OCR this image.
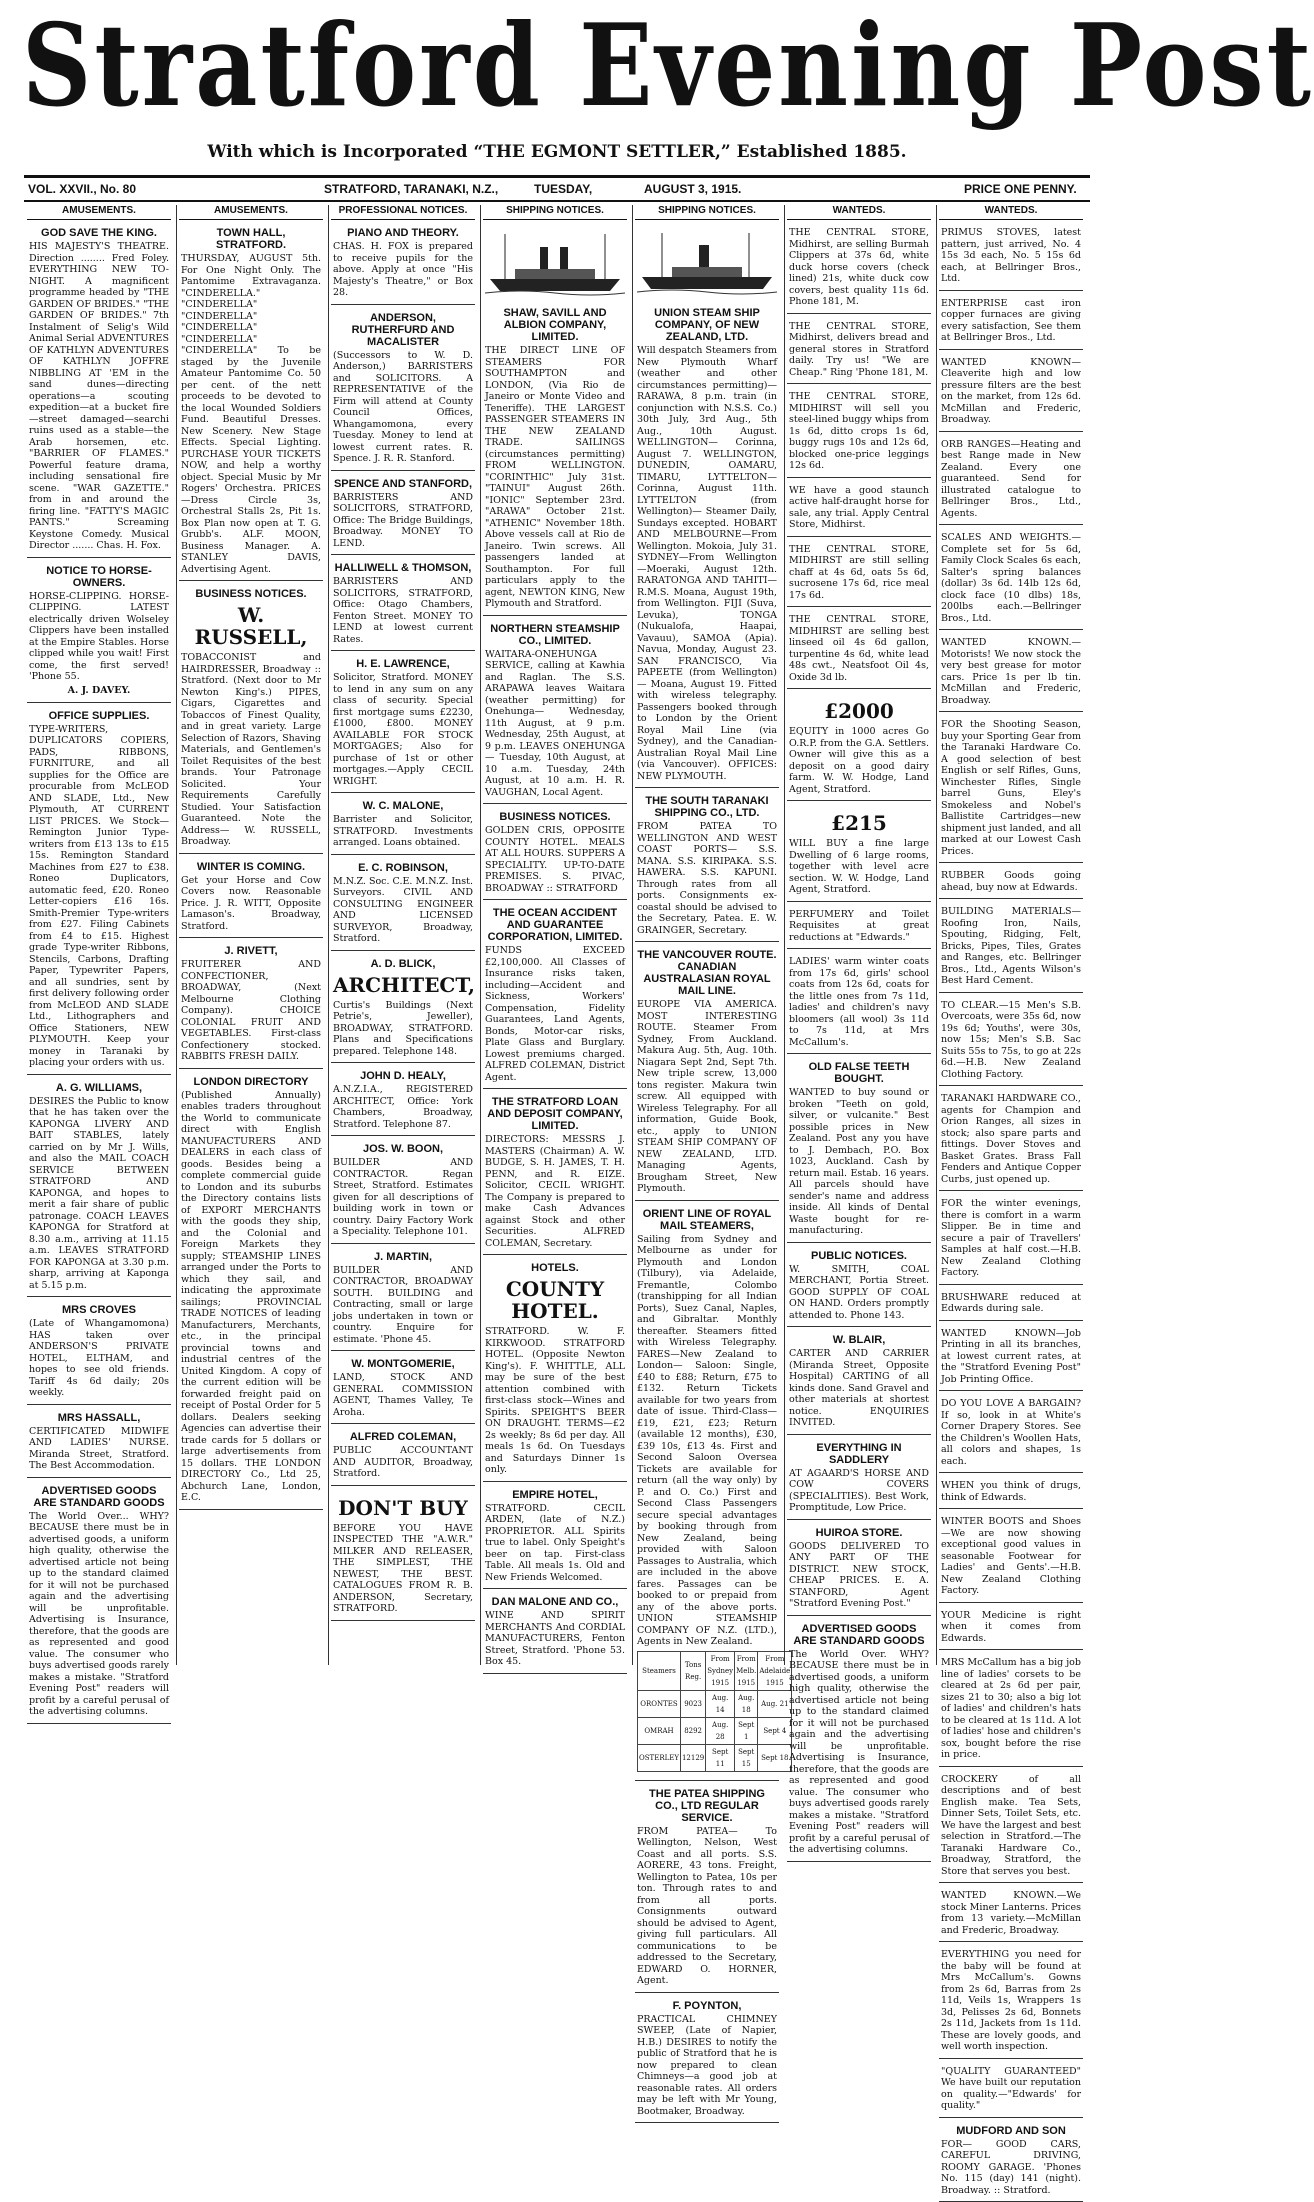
Stratford Evening Post
With which is Incorporated “THE EGMONT SETTLER,” Established 1885.
VOL. XXVII., No. 80	STRATFORD, TARANAKI, N.Z.,	TUESDAY,	AUGUST 3, 1915.	PRICE ONE PENNY.
AMUSEMENTS.
GOD SAVE THE KING.
HIS MAJESTY'S THEATRE. Direction ........ Fred Foley. EVERYTHING NEW TO-NIGHT. A magnificent programme headed by "THE GARDEN OF BRIDES." "THE GARDEN OF BRIDES." 7th Instalment of Selig's Wild Animal Serial ADVENTURES OF KATHLYN ADVENTURES OF KATHLYN JOFFRE NIBBLING AT 'EM in the sand dunes—directing operations—a scouting expedition—at a bucket fire—street damaged—searchi ruins used as a stable—the Arab horsemen, etc. "BARRIER OF FLAMES." Powerful feature drama, including sensational fire scene. "WAR GAZETTE." from in and around the firing line. "FATTY'S MAGIC PANTS." Screaming Keystone Comedy. Musical Director ....... Chas. H. Fox.
NOTICE TO HORSE-OWNERS.
HORSE-CLIPPING. HORSE-CLIPPING. LATEST electrically driven Wolseley Clippers have been installed at the Empire Stables. Horse clipped while you wait! First come, the first served! 'Phone 55.
A. J. DAVEY.
OFFICE SUPPLIES.
TYPE-WRITERS, DUPLICATORS COPIERS, PADS, RIBBONS, FURNITURE, and all supplies for the Office are procurable from McLEOD AND SLADE, Ltd., New Plymouth, AT CURRENT LIST PRICES. We Stock—Remington Junior Type-writers from £13 13s to £15 15s. Remington Standard Machines from £27 to £38. Roneo Duplicators, automatic feed, £20. Roneo Letter-copiers £16 16s. Smith-Premier Type-writers from £27. Filing Cabinets from £4 to £15. Highest grade Type-writer Ribbons, Stencils, Carbons, Drafting Paper, Typewriter Papers, and all sundries, sent by first delivery following order from McLEOD AND SLADE Ltd., Lithographers and Office Stationers, NEW PLYMOUTH. Keep your money in Taranaki by placing your orders with us.
A. G. WILLIAMS,
DESIRES the Public to know that he has taken over the KAPONGA LIVERY AND BAIT STABLES, lately carried on by Mr J. Wills, and also the MAIL COACH SERVICE BETWEEN STRATFORD AND KAPONGA, and hopes to merit a fair share of public patronage. COACH LEAVES KAPONGA for Stratford at 8.30 a.m., arriving at 11.15 a.m. LEAVES STRATFORD FOR KAPONGA at 3.30 p.m. sharp, arriving at Kaponga at 5.15 p.m.
MRS CROVES
(Late of Whangamomona) HAS taken over ANDERSON'S PRIVATE HOTEL, ELTHAM, and hopes to see old friends. Tariff 4s 6d daily; 20s weekly.
MRS HASSALL,
CERTIFICATED MIDWIFE AND LADIES' NURSE. Miranda Street, Stratford. The Best Accommodation.
ADVERTISED GOODS ARE STANDARD GOODS
The World Over... WHY? BECAUSE there must be in advertised goods, a uniform high quality, otherwise the advertised article not being up to the standard claimed for it will not be purchased again and the advertising will be unprofitable. Advertising is Insurance, therefore, that the goods are as represented and good value. The consumer who buys advertised goods rarely makes a mistake. "Stratford Evening Post" readers will profit by a careful perusal of the advertising columns.
AMUSEMENTS.
TOWN HALL, STRATFORD.
THURSDAY, AUGUST 5th. For One Night Only. The Pantomime Extravaganza. "CINDERELLA." "CINDERELLA" "CINDERELLA" "CINDERELLA" "CINDERELLA" "CINDERELLA" To be staged by the Juvenile Amateur Pantomime Co. 50 per cent. of the nett proceeds to be devoted to the local Wounded Soldiers Fund. Beautiful Dresses. New Scenery. New Stage Effects. Special Lighting. PURCHASE YOUR TICKETS NOW, and help a worthy object. Special Music by Mr Rogers' Orchestra. PRICES—Dress Circle 3s, Orchestral Stalls 2s, Pit 1s. Box Plan now open at T. G. Grubb's. ALF. MOON, Business Manager. A. STANLEY DAVIS, Advertising Agent.
BUSINESS NOTICES.
W. RUSSELL,
TOBACCONIST and HAIRDRESSER, Broadway :: Stratford. (Next door to Mr Newton King's.) PIPES, Cigars, Cigarettes and Tobaccos of Finest Quality, and in great variety. Large Selection of Razors, Shaving Materials, and Gentlemen's Toilet Requisites of the best brands. Your Patronage Solicited. Your Requirements Carefully Studied. Your Satisfaction Guaranteed. Note the Address— W. RUSSELL, Broadway.
WINTER IS COMING.
Get your Horse and Cow Covers now. Reasonable Price. J. R. WITT, Opposite Lamason's. Broadway, Stratford.
J. RIVETT,
FRUITERER AND CONFECTIONER, BROADWAY, (Next Melbourne Clothing Company). CHOICE COLONIAL FRUIT AND VEGETABLES. First-class Confectionery stocked. RABBITS FRESH DAILY.
LONDON DIRECTORY
(Published Annually) enables traders throughout the World to communicate direct with English MANUFACTURERS AND DEALERS in each class of goods. Besides being a complete commercial guide to London and its suburbs the Directory contains lists of EXPORT MERCHANTS with the goods they ship, and the Colonial and Foreign Markets they supply; STEAMSHIP LINES arranged under the Ports to which they sail, and indicating the approximate sailings; PROVINCIAL TRADE NOTICES of leading Manufacturers, Merchants, etc., in the principal provincial towns and industrial centres of the United Kingdom. A copy of the current edition will be forwarded freight paid on receipt of Postal Order for 5 dollars. Dealers seeking Agencies can advertise their trade cards for 5 dollars or large advertisements from 15 dollars. THE LONDON DIRECTORY Co., Ltd 25, Abchurch Lane, London, E.C.
PROFESSIONAL NOTICES.
PIANO AND THEORY.
CHAS. H. FOX is prepared to receive pupils for the above. Apply at once "His Majesty's Theatre," or Box 28.
ANDERSON, RUTHERFURD AND MACALISTER
(Successors to W. D. Anderson,) BARRISTERS and SOLICITORS. A REPRESENTATIVE of the Firm will attend at County Council Offices, Whangamomona, every Tuesday. Money to lend at lowest current rates. R. Spence. J. R. R. Stanford.
SPENCE AND STANFORD,
BARRISTERS AND SOLICITORS, STRATFORD, Office: The Bridge Buildings, Broadway. MONEY TO LEND.
HALLIWELL & THOMSON,
BARRISTERS AND SOLICITORS, STRATFORD, Office: Otago Chambers, Fenton Street. MONEY TO LEND at lowest current Rates.
H. E. LAWRENCE,
Solicitor, Stratford. MONEY to lend in any sum on any class of security. Special first mortgage sums £2230, £1000, £800. MONEY AVAILABLE FOR STOCK MORTGAGES; Also for purchase of 1st or other mortgages.—Apply CECIL WRIGHT.
W. C. MALONE,
Barrister and Solicitor, STRATFORD. Investments arranged. Loans obtained.
E. C. ROBINSON,
M.N.Z. Soc. C.E. M.N.Z. Inst. Surveyors. CIVIL AND CONSULTING ENGINEER AND LICENSED SURVEYOR, Broadway, Stratford.
A. D. BLICK,
ARCHITECT,
Curtis's Buildings (Next Petrie's, Jeweller), BROADWAY, STRATFORD. Plans and Specifications prepared. Telephone 148.
JOHN D. HEALY,
A.N.Z.I.A., REGISTERED ARCHITECT, Office: York Chambers, Broadway, Stratford. Telephone 87.
JOS. W. BOON,
BUILDER AND CONTRACTOR. Regan Street, Stratford. Estimates given for all descriptions of building work in town or country. Dairy Factory Work a Speciality. Telephone 101.
J. MARTIN,
BUILDER AND CONTRACTOR, BROADWAY SOUTH. BUILDING and Contracting, small or large jobs undertaken in town or country. Enquire for estimate. 'Phone 45.
W. MONTGOMERIE,
LAND, STOCK AND GENERAL COMMISSION AGENT, Thames Valley, Te Aroha.
ALFRED COLEMAN,
PUBLIC ACCOUNTANT AND AUDITOR, Broadway, Stratford.
DON'T BUY
BEFORE YOU HAVE INSPECTED THE "A.W.R." MILKER AND RELEASER, THE SIMPLEST, THE NEWEST, THE BEST. CATALOGUES FROM R. B. ANDERSON, Secretary, STRATFORD.
SHIPPING NOTICES.
SHAW, SAVILL AND ALBION COMPANY, LIMITED.
THE DIRECT LINE OF STEAMERS FOR SOUTHAMPTON and LONDON, (Via Rio de Janeiro or Monte Video and Teneriffe). THE LARGEST PASSENGER STEAMERS IN THE NEW ZEALAND TRADE. SAILINGS (circumstances permitting) FROM WELLINGTON. "CORINTHIC" July 31st. "TAINUI" August 26th. "IONIC" September 23rd. "ARAWA" October 21st. "ATHENIC" November 18th. Above vessels call at Rio de Janeiro. Twin screws. All passengers landed at Southampton. For full particulars apply to the agent, NEWTON KING, New Plymouth and Stratford.
NORTHERN STEAMSHIP CO., LIMITED.
WAITARA-ONEHUNGA SERVICE, calling at Kawhia and Raglan. The S.S. ARAPAWA leaves Waitara (weather permitting) for Onehunga— Wednesday, 11th August, at 9 p.m. Wednesday, 25th August, at 9 p.m. LEAVES ONEHUNGA— Tuesday, 10th August, at 10 a.m. Tuesday, 24th August, at 10 a.m. H. R. VAUGHAN, Local Agent.
BUSINESS NOTICES.
GOLDEN CRIS, OPPOSITE COUNTY HOTEL. MEALS AT ALL HOURS. SUPPERS A SPECIALITY. UP-TO-DATE PREMISES. S. PIVAC, BROADWAY :: STRATFORD
THE OCEAN ACCIDENT AND GUARANTEE CORPORATION, LIMITED.
FUNDS EXCEED £2,100,000. All Classes of Insurance risks taken, including—Accident and Sickness, Workers' Compensation, Fidelity Guarantees, Land Agents, Bonds, Motor-car risks, Plate Glass and Burglary. Lowest premiums charged. ALFRED COLEMAN, District Agent.
THE STRATFORD LOAN AND DEPOSIT COMPANY, LIMITED.
DIRECTORS: MESSRS J. MASTERS (Chairman) A. W. BUDGE, S. H. JAMES, T. H. PENN, and R. EIZE. Solicitor, CECIL WRIGHT. The Company is prepared to make Cash Advances against Stock and other Securities. ALFRED COLEMAN, Secretary.
HOTELS.
COUNTY HOTEL.
STRATFORD. W. F. KIRKWOOD. STRATFORD HOTEL. (Opposite Newton King's). F. WHITTLE, ALL may be sure of the best attention combined with first-class stock—Wines and Spirits. SPEIGHT'S BEER ON DRAUGHT. TERMS—£2 2s weekly; 8s 6d per day. All meals 1s 6d. On Tuesdays and Saturdays Dinner 1s only.
EMPIRE HOTEL,
STRATFORD. CECIL ARDEN, (late of N.Z.) PROPRIETOR. ALL Spirits true to label. Only Speight's beer on tap. First-class Table. All meals 1s. Old and New Friends Welcomed.
DAN MALONE AND CO.,
WINE AND SPIRIT MERCHANTS And CORDIAL MANUFACTURERS, Fenton Street, Stratford. 'Phone 53. Box 45.
SHIPPING NOTICES.
UNION STEAM SHIP COMPANY, OF NEW ZEALAND, LTD.
Will despatch Steamers from New Plymouth Wharf (weather and other circumstances permitting)— RARAWA, 8 p.m. train (in conjunction with N.S.S. Co.) 30th July, 3rd Aug., 5th Aug., 10th August. WELLINGTON— Corinna, August 7. WELLINGTON, DUNEDIN, OAMARU, TIMARU, LYTTELTON— Corinna, August 11th. LYTTELTON (from Wellington)— Steamer Daily, Sundays excepted. HOBART AND MELBOURNE—From Wellington. Mokoia, July 31. SYDNEY—From Wellington—Moeraki, August 12th. RARATONGA AND TAHITI— R.M.S. Moana, August 19th, from Wellington. FIJI (Suva, Levuka), TONGA (Nukualofa, Haapai, Vavauu), SAMOA (Apia). Navua, Monday, August 23. SAN FRANCISCO, Via PAPEETE (from Wellington)— Moana, August 19. Fitted with wireless telegraphy. Passengers booked through to London by the Orient Royal Mail Line (via Sydney), and the Canadian-Australian Royal Mail Line (via Vancouver). OFFICES: NEW PLYMOUTH.
THE SOUTH TARANAKI SHIPPING CO., LTD.
FROM PATEA TO WELLINGTON AND WEST COAST PORTS— S.S. MANA. S.S. KIRIPAKA. S.S. HAWERA. S.S. KAPUNI. Through rates from all ports. Consignments ex-coastal should be advised to the Secretary, Patea. E. W. GRAINGER, Secretary.
THE VANCOUVER ROUTE. CANADIAN AUSTRALASIAN ROYAL MAIL LINE.
EUROPE VIA AMERICA. MOST INTERESTING ROUTE. Steamer From Sydney, From Auckland. Makura Aug. 5th, Aug. 10th. Niagara Sept 2nd, Sept 7th. New triple screw, 13,000 tons register. Makura twin screw. All equipped with Wireless Telegraphy. For all information, Guide Book, etc., apply to UNION STEAM SHIP COMPANY OF NEW ZEALAND, LTD. Managing Agents, Brougham Street, New Plymouth.
ORIENT LINE OF ROYAL MAIL STEAMERS,
Sailing from Sydney and Melbourne as under for Plymouth and London (Tilbury), via Adelaide, Fremantle, Colombo (transhipping for all Indian Ports), Suez Canal, Naples, and Gibraltar. Monthly thereafter. Steamers fitted with Wireless Telegraphy. FARES—New Zealand to London— Saloon: Single, £40 to £88; Return, £75 to £132. Return Tickets available for two years from date of issue. Third-Class—£19, £21, £23; Return (available 12 months), £30, £39 10s, £13 4s. First and Second Saloon Oversea Tickets are available for return (all the way only) by P. and O. Co.) First and Second Class Passengers secure special advantages by booking through from New Zealand, being provided with Saloon Passages to Australia, which are included in the above fares. Passages can be booked to or prepaid from any of the above ports. UNION STEAMSHIP COMPANY OF N.Z. (LTD.), Agents in New Zealand.
Steamers	Tons Reg.	From Sydney 1915	From Melb. 1915	From Adelaide 1915
ORONTES	9023	Aug. 14	Aug. 18	Aug. 21
OMRAH	8292	Aug. 28	Sept 1	Sept 4
OSTERLEY	12129	Sept 11	Sept 15	Sept 18
THE PATEA SHIPPING CO., LTD REGULAR SERVICE.
FROM PATEA— To Wellington, Nelson, West Coast and all ports. S.S. AORERE, 43 tons. Freight, Wellington to Patea, 10s per ton. Through rates to and from all ports. Consignments outward should be advised to Agent, giving full particulars. All communications to be addressed to the Secretary, EDWARD O. HORNER, Agent.
F. POYNTON,
PRACTICAL CHIMNEY SWEEP, (Late of Napier, H.B.) DESIRES to notify the public of Stratford that he is now prepared to clean Chimneys—a good job at reasonable rates. All orders may be left with Mr Young, Bootmaker, Broadway.
WANTEDS.
THE CENTRAL STORE, Midhirst, are selling Burmah Clippers at 37s 6d, white duck horse covers (check lined) 21s, white duck cow covers, best quality 11s 6d. Phone 181, M.
THE CENTRAL STORE, Midhirst, delivers bread and general stores in Stratford daily. Try us! "We are Cheap." Ring 'Phone 181, M.
THE CENTRAL STORE, MIDHIRST will sell you steel-lined buggy whips from 1s 6d, ditto crops 1s 6d, buggy rugs 10s and 12s 6d, blocked one-price leggings 12s 6d.
WE have a good staunch active half-draught horse for sale, any trial. Apply Central Store, Midhirst.
THE CENTRAL STORE, MIDHIRST are still selling chaff at 4s 6d, oats 5s 6d, sucrosene 17s 6d, rice meal 17s 6d.
THE CENTRAL STORE, MIDHIRST are selling best linseed oil 4s 6d gallon, turpentine 4s 6d, white lead 48s cwt., Neatsfoot Oil 4s, Oxide 3d lb.
£2000
EQUITY in 1000 acres Go O.R.P. from the G.A. Settlers. Owner will give this as a deposit on a good dairy farm. W. W. Hodge, Land Agent, Stratford.
£215
WILL BUY a fine large Dwelling of 6 large rooms, together with level acre section. W. W. Hodge, Land Agent, Stratford.
PERFUMERY and Toilet Requisites at great reductions at "Edwards."
LADIES' warm winter coats from 17s 6d, girls' school coats from 12s 6d, coats for the little ones from 7s 11d, ladies' and children's navy bloomers (all wool) 3s 11d to 7s 11d, at Mrs McCallum's.
OLD FALSE TEETH BOUGHT.
WANTED to buy sound or broken "Teeth on gold, silver, or vulcanite." Best possible prices in New Zealand. Post any you have to J. Dembach, P.O. Box 1023, Auckland. Cash by return mail. Estab. 16 years. All parcels should have sender's name and address inside. All kinds of Dental Waste bought for re-manufacturing.
PUBLIC NOTICES.
W. SMITH, COAL MERCHANT, Portia Street. GOOD SUPPLY OF COAL ON HAND. Orders promptly attended to. Phone 143.
W. BLAIR,
CARTER AND CARRIER (Miranda Street, Opposite Hospital) CARTING of all kinds done. Sand Gravel and other materials at shortest notice. ENQUIRIES INVITED.
EVERYTHING IN SADDLERY
AT AGAARD'S HORSE AND COW COVERS (SPECIALITIES). Best Work, Promptitude, Low Price.
HUIROA STORE.
GOODS DELIVERED TO ANY PART OF THE DISTRICT. NEW STOCK, CHEAP PRICES. E. A. STANFORD, Agent "Stratford Evening Post."
ADVERTISED GOODS ARE STANDARD GOODS
The World Over. WHY? BECAUSE there must be in advertised goods, a uniform high quality, otherwise the advertised article not being up to the standard claimed for it will not be purchased again and the advertising will be unprofitable. Advertising is Insurance, therefore, that the goods are as represented and good value. The consumer who buys advertised goods rarely makes a mistake. "Stratford Evening Post" readers will profit by a careful perusal of the advertising columns.
WANTEDS.
PRIMUS STOVES, latest pattern, just arrived, No. 4 15s 3d each, No. 5 15s 6d each, at Bellringer Bros., Ltd.
ENTERPRISE cast iron copper furnaces are giving every satisfaction, See them at Bellringer Bros., Ltd.
WANTED KNOWN—Cleaverite high and low pressure filters are the best on the market, from 12s 6d. McMillan and Frederic, Broadway.
ORB RANGES—Heating and best Range made in New Zealand. Every one guaranteed. Send for illustrated catalogue to Bellringer Bros., Ltd., Agents.
SCALES AND WEIGHTS.—Complete set for 5s 6d, Family Clock Scales 6s each, Salter's spring balances (dollar) 3s 6d. 14lb 12s 6d, clock face (10 dlbs) 18s, 200lbs each.—Bellringer Bros., Ltd.
WANTED KNOWN.—Motorists! We now stock the very best grease for motor cars. Price 1s per lb tin. McMillan and Frederic, Broadway.
FOR the Shooting Season, buy your Sporting Gear from the Taranaki Hardware Co. A good selection of best English or self Rifles, Guns, Winchester Rifles, Single barrel Guns, Eley's Smokeless and Nobel's Ballistite Cartridges—new shipment just landed, and all marked at our Lowest Cash Prices.
RUBBER Goods going ahead, buy now at Edwards.
BUILDING MATERIALS—Roofing Iron, Nails, Spouting, Ridging, Felt, Bricks, Pipes, Tiles, Grates and Ranges, etc. Bellringer Bros., Ltd., Agents Wilson's Best Hard Cement.
TO CLEAR.—15 Men's S.B. Overcoats, were 35s 6d, now 19s 6d; Youths', were 30s, now 15s; Men's S.B. Sac Suits 55s to 75s, to go at 22s 6d.—H.B. New Zealand Clothing Factory.
TARANAKI HARDWARE CO., agents for Champion and Orion Ranges, all sizes in stock; also spare parts and fittings. Dover Stoves and Basket Grates. Brass Fall Fenders and Antique Copper Curbs, just opened up.
FOR the winter evenings, there is comfort in a warm Slipper. Be in time and secure a pair of Travellers' Samples at half cost.—H.B. New Zealand Clothing Factory.
BRUSHWARE reduced at Edwards during sale.
WANTED KNOWN—Job Printing in all its branches, at lowest current rates, at the "Stratford Evening Post" Job Printing Office.
DO YOU LOVE A BARGAIN? If so, look in at White's Corner Drapery Stores. See the Children's Woollen Hats, all colors and shapes, 1s each.
WHEN you think of drugs, think of Edwards.
WINTER BOOTS and Shoes—We are now showing exceptional good values in seasonable Footwear for Ladies' and Gents'.—H.B. New Zealand Clothing Factory.
YOUR Medicine is right when it comes from Edwards.
MRS McCallum has a big job line of ladies' corsets to be cleared at 2s 6d per pair, sizes 21 to 30; also a big lot of ladies' and children's hats to be cleared at 1s 11d. A lot of ladies' hose and children's sox, bought before the rise in price.
CROCKERY of all descriptions and of best English make. Tea Sets, Dinner Sets, Toilet Sets, etc. We have the largest and best selection in Stratford.—The Taranaki Hardware Co., Broadway, Stratford, the Store that serves you best.
WANTED KNOWN.—We stock Miner Lanterns. Prices from 13 variety.—McMillan and Frederic, Broadway.
EVERYTHING you need for the baby will be found at Mrs McCallum's. Gowns from 2s 6d, Barras from 2s 11d, Veils 1s, Wrappers 1s 3d, Pelisses 2s 6d, Bonnets 2s 11d, Jackets from 1s 11d. These are lovely goods, and well worth inspection.
"QUALITY GUARANTEED" We have built our reputation on quality.—"Edwards' for quality."
MUDFORD AND SON
FOR— GOOD CARS, CAREFUL DRIVING, ROOMY GARAGE. 'Phones No. 115 (day) 141 (night). Broadway. :: Stratford.
